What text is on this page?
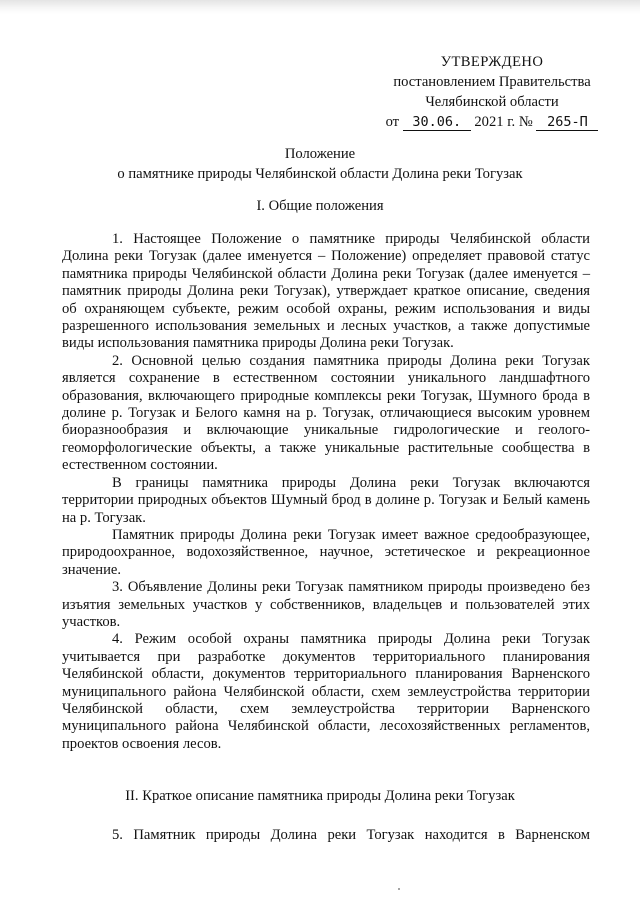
УТВЕРЖДЕНО
постановлением Правительства
Челябинской области
от 30.06. 2021 г. № 265-П
Положение
о памятнике природы Челябинской области Долина реки Тогузак
I. Общие положения

1. Настоящее Положение о памятнике природы Челябинской области Долина реки Тогузак (далее именуется – Положение) определяет правовой статус памятника природы Челябинской области Долина реки Тогузак (далее именуется – памятник природы Долина реки Тогузак), утверждает краткое описание, сведения об охраняющем субъекте, режим особой охраны, режим использования и виды разрешенного использования земельных и лесных участков, а также допустимые виды использования памятника природы Долина реки Тогузак.

2. Основной целью создания памятника природы Долина реки Тогузак является сохранение в естественном состоянии уникального ландшафтного образования, включающего природные комплексы реки Тогузак, Шумного брода в долине р. Тогузак и Белого камня на р. Тогузак, отличающиеся высоким уровнем биоразнообразия и включающие уникальные гидрологические и геолого-геоморфологические объекты, а также уникальные растительные сообщества в естественном состоянии.

В границы памятника природы Долина реки Тогузак включаются территории природных объектов Шумный брод в долине р. Тогузак и Белый камень на р. Тогузак.

Памятник природы Долина реки Тогузак имеет важное средообразующее, природоохранное, водохозяйственное, научное, эстетическое и рекреационное значение.

3. Объявление Долины реки Тогузак памятником природы произведено без изъятия земельных участков у собственников, владельцев и пользователей этих участков.

4. Режим особой охраны памятника природы Долина реки Тогузак учитывается при разработке документов территориального планирования Челябинской области, документов территориального планирования Варненского муниципального района Челябинской области, схем землеустройства территории Челябинской области, схем землеустройства территории Варненского муниципального района Челябинской области, лесохозяйственных регламентов, проектов освоения лесов.

II. Краткое описание памятника природы Долина реки Тогузак
5. Памятник природы Долина реки Тогузак находится в Варненском
